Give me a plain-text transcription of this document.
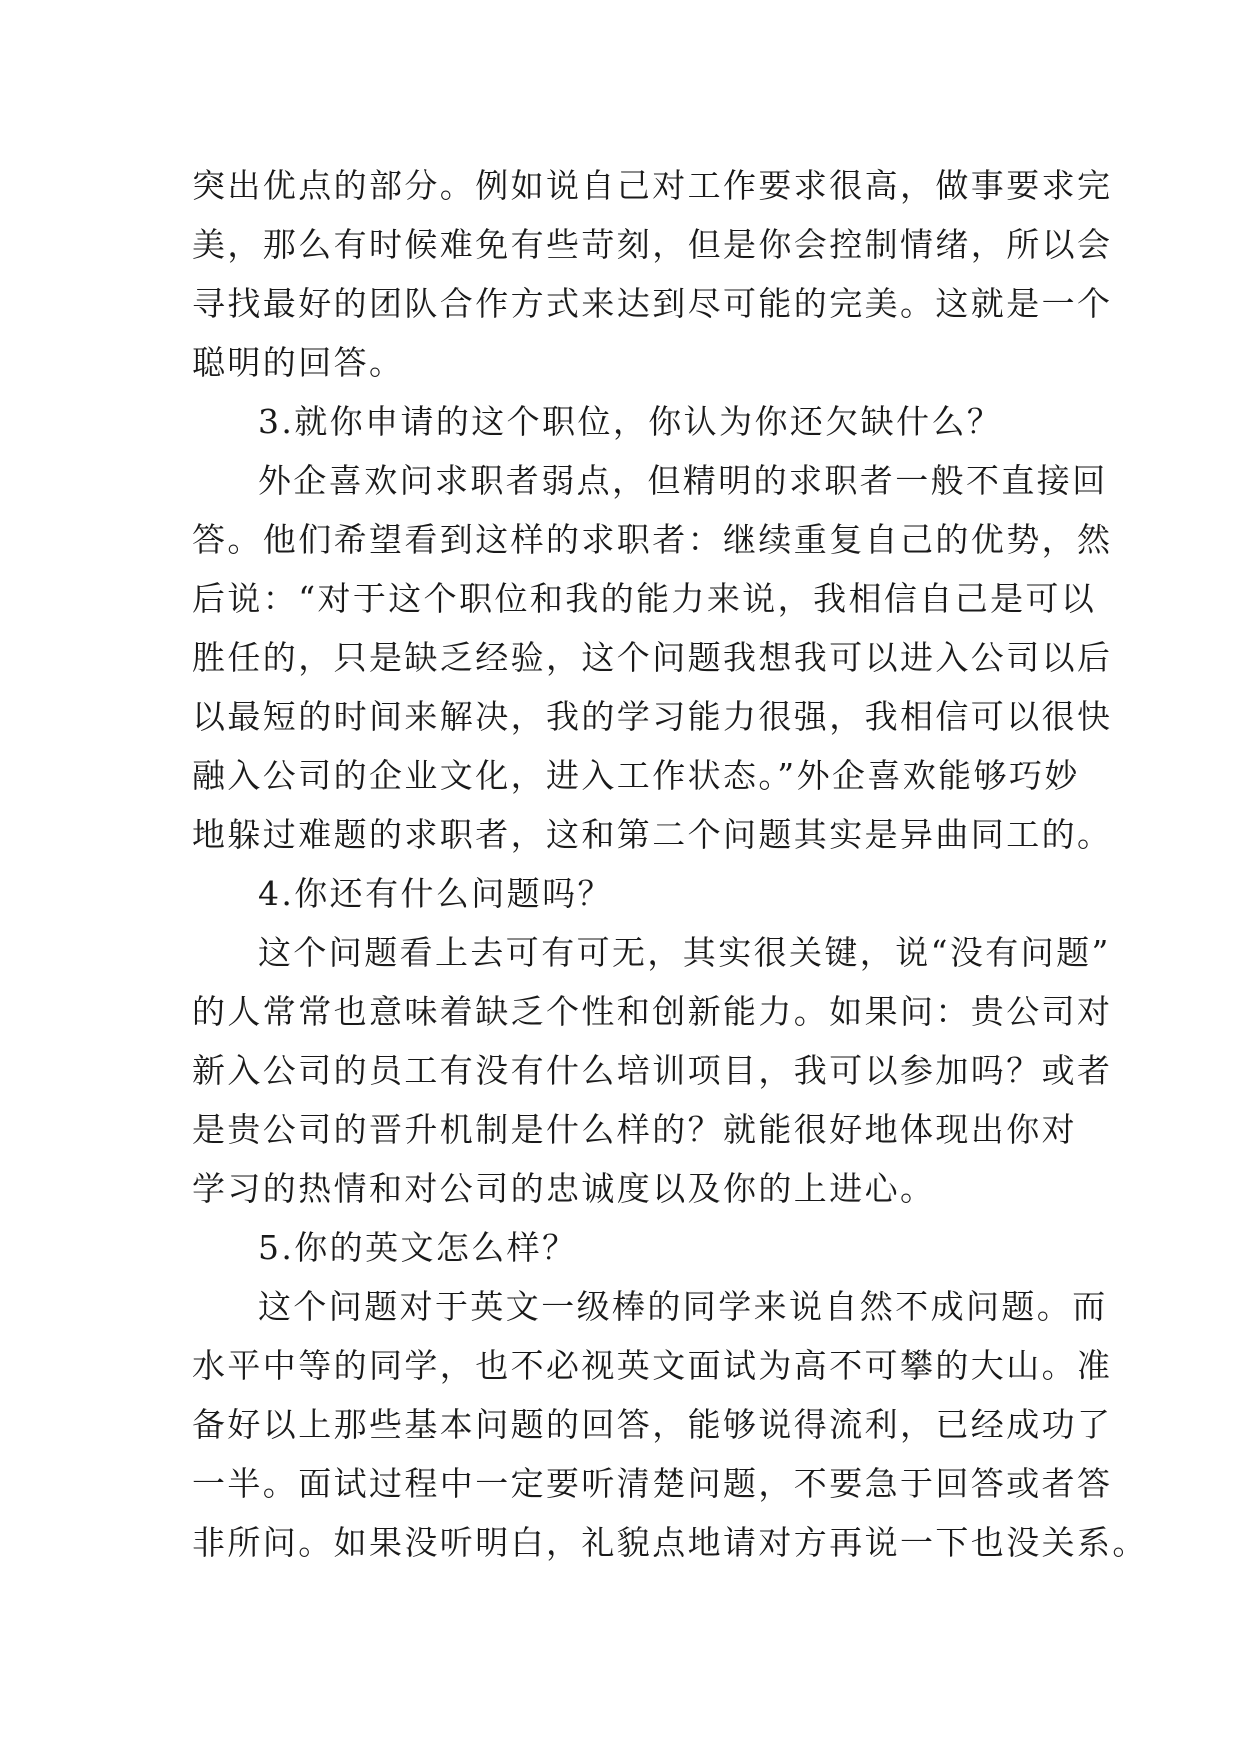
突出优点的部分。例如说自己对工作要求很高，做事要求完
美，那么有时候难免有些苛刻，但是你会控制情绪，所以会
寻找最好的团队合作方式来达到尽可能的完美。这就是一个
聪明的回答。
3.就你申请的这个职位，你认为你还欠缺什么？
外企喜欢问求职者弱点，但精明的求职者一般不直接回
答。他们希望看到这样的求职者：继续重复自己的优势，然
后说：“对于这个职位和我的能力来说，我相信自己是可以
胜任的，只是缺乏经验，这个问题我想我可以进入公司以后
以最短的时间来解决，我的学习能力很强，我相信可以很快
融入公司的企业文化，进入工作状态。”外企喜欢能够巧妙
地躲过难题的求职者，这和第二个问题其实是异曲同工的。
4.你还有什么问题吗？
这个问题看上去可有可无，其实很关键，说“没有问题”
的人常常也意味着缺乏个性和创新能力。如果问：贵公司对
新入公司的员工有没有什么培训项目，我可以参加吗？或者
是贵公司的晋升机制是什么样的？就能很好地体现出你对
学习的热情和对公司的忠诚度以及你的上进心。
5.你的英文怎么样？
这个问题对于英文一级棒的同学来说自然不成问题。而
水平中等的同学，也不必视英文面试为高不可攀的大山。准
备好以上那些基本问题的回答，能够说得流利，已经成功了
一半。面试过程中一定要听清楚问题，不要急于回答或者答
非所问。如果没听明白，礼貌点地请对方再说一下也没关系。
